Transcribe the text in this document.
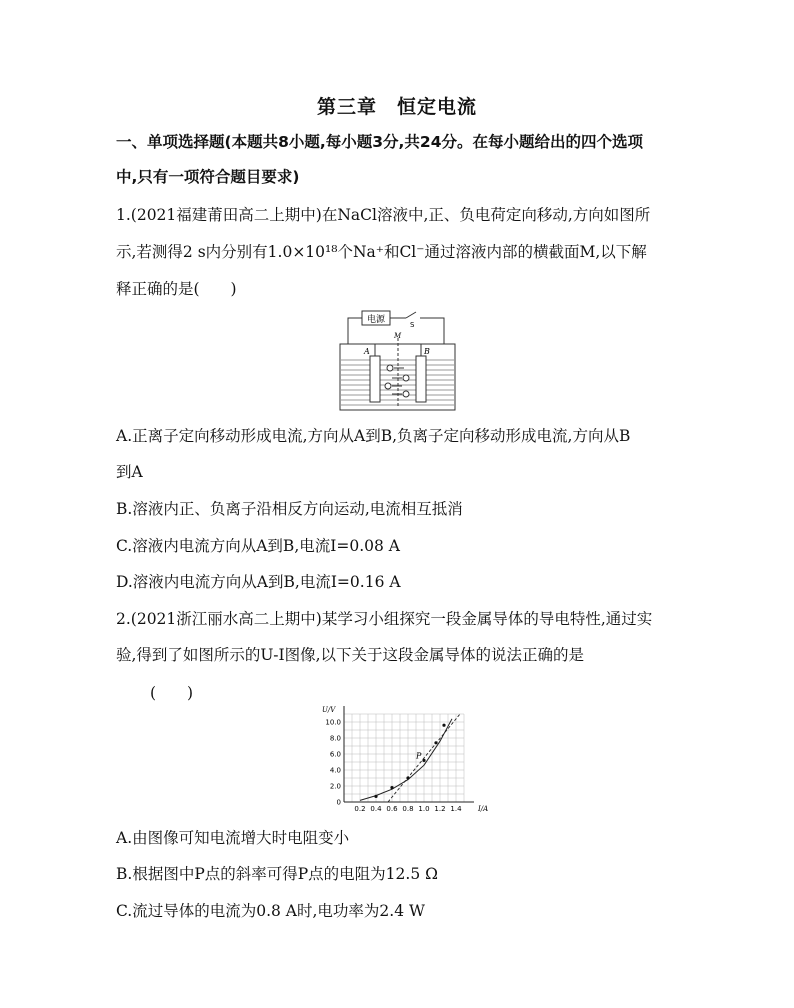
第三章　恒定电流
一、单项选择题(本题共8小题,每小题3分,共24分。在每小题给出的四个选项
中,只有一项符合题目要求)
1.(2021福建莆田高二上期中)在NaCl溶液中,正、负电荷定向移动,方向如图所
示,若测得2 s内分别有1.0×10¹⁸个Na⁺和Cl⁻通过溶液内部的横截面M,以下解
释正确的是(　　)
电源	S
M
A	B
A.正离子定向移动形成电流,方向从A到B,负离子定向移动形成电流,方向从B
到A
B.溶液内正、负离子沿相反方向运动,电流相互抵消
C.溶液内电流方向从A到B,电流I=0.08 A
D.溶液内电流方向从A到B,电流I=0.16 A
2.(2021浙江丽水高二上期中)某学习小组探究一段金属导体的导电特性,通过实
验,得到了如图所示的U-I图像,以下关于这段金属导体的说法正确的是
(　　)
0.2 0.4 0.6 0.8 1.0 1.2 1.4
0
2.0
4.0
6.0
8.0
10.0
I/A
U/V
P
A.由图像可知电流增大时电阻变小
B.根据图中P点的斜率可得P点的电阻为12.5 Ω
C.流过导体的电流为0.8 A时,电功率为2.4 W
